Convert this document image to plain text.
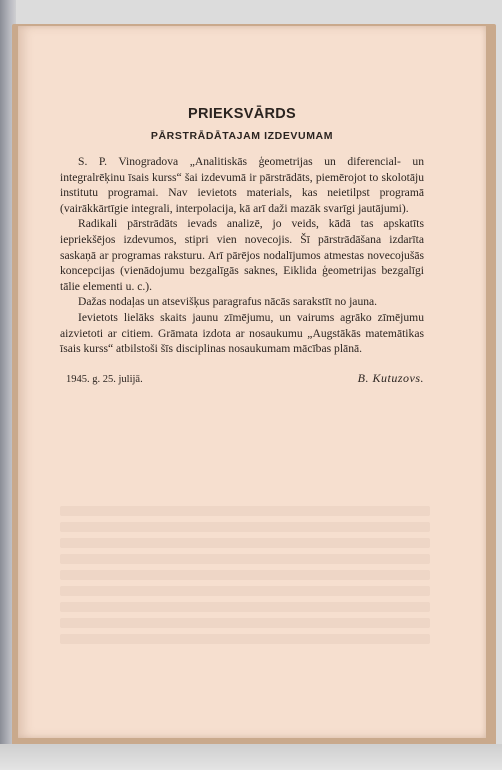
PRIEKSVĀRDS

PĀRSTRĀDĀTAJAM IZDEVUMAM

S. P. Vinogradova „Analitiskās ģeometrijas un diferencial- un integralrēķinu īsais kurss“ šai izdevumā ir pārstrādāts, piemērojot to skolotāju institutu programai. Nav ievietots materials, kas neietilpst programā (vairākkārtīgie integrali, interpolacija, kā arī daži mazāk svarīgi jautājumi).

Radikali pārstrādāts ievads analizē, jo veids, kādā tas apskatīts iepriekšējos izdevumos, stipri vien novecojis. Šī pārstrādāšana izdarīta saskaņā ar programas raksturu. Arī pārējos nodalījumos atmestas novecojušās koncepcijas (vienādojumu bezgalīgās saknes, Eiklida ģeometrijas bezgalīgi tālie elementi u. c.).

Dažas nodaļas un atsevišķus paragrafus nācās sarakstīt no jauna.

Ievietots lielāks skaits jaunu zīmējumu, un vairums agrāko zīmējumu aizvietoti ar citiem. Grāmata izdota ar nosaukumu „Augstākās matemātikas īsais kurss“ atbilstoši šīs disciplinas nosaukumam mācības plānā.

1945. g. 25. julijā.	B. Kutuzovs.
